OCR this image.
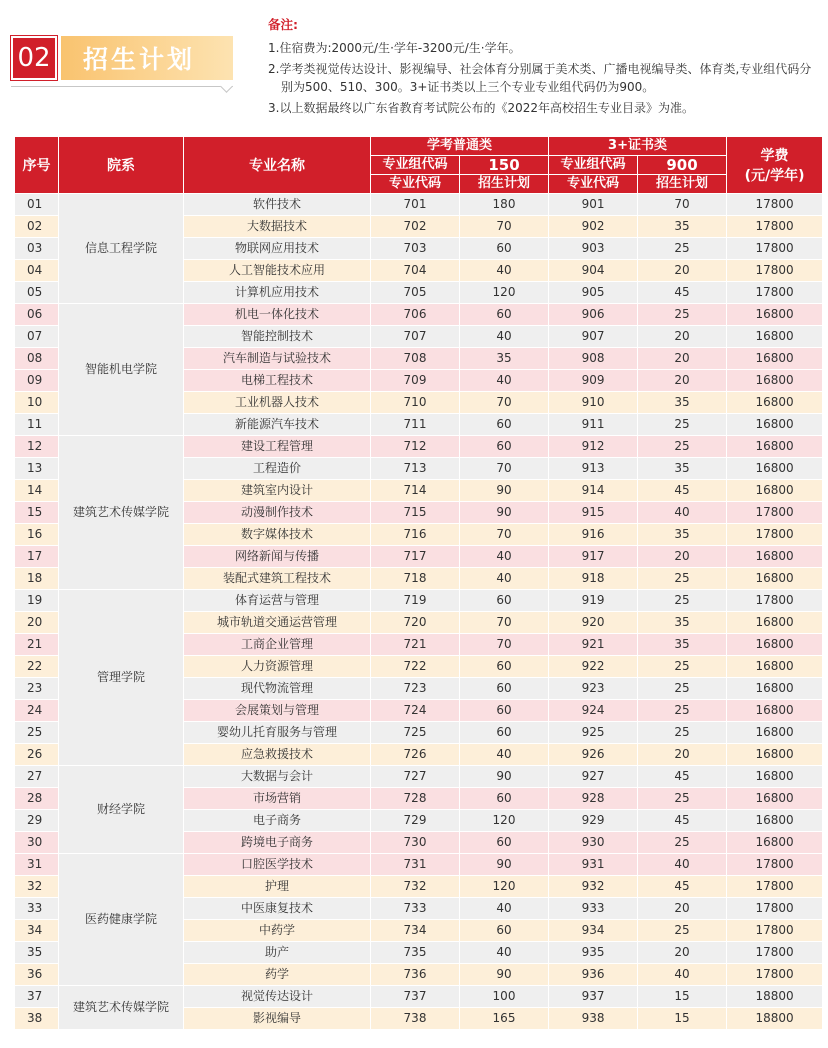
02	招生计划
备注:
1.住宿费为:2000元/生·学年-3200元/生·学年。
2.学考类视觉传达设计、影视编导、社会体育分别属于美术类、广播电视编导类、体育类,专业组代码分别为500、510、300。3+证书类以上三个专业专业组代码仍为900。
3.以上数据最终以广东省教育考试院公布的《2022年高校招生专业目录》为准。
序号	院系	专业名称	学考普通类		3+证书类		学费
(元/学年)

			专业组代码	150	专业组代码	900	
			专业代码	招生计划	专业代码	招生计划	
01	信息工程学院	软件技术	701	180	901	70	17800
02		大数据技术	702	70	902	35	17800
03		物联网应用技术	703	60	903	25	17800
04		人工智能技术应用	704	40	904	20	17800
05		计算机应用技术	705	120	905	45	17800
06	智能机电学院	机电一体化技术	706	60	906	25	16800
07		智能控制技术	707	40	907	20	16800
08		汽车制造与试验技术	708	35	908	20	16800
09		电梯工程技术	709	40	909	20	16800
10		工业机器人技术	710	70	910	35	16800
11		新能源汽车技术	711	60	911	25	16800
12	建筑艺术传媒学院	建设工程管理	712	60	912	25	16800
13		工程造价	713	70	913	35	16800
14		建筑室内设计	714	90	914	45	16800
15		动漫制作技术	715	90	915	40	17800
16		数字媒体技术	716	70	916	35	17800
17		网络新闻与传播	717	40	917	20	16800
18		装配式建筑工程技术	718	40	918	25	16800
19	管理学院	体育运营与管理	719	60	919	25	17800
20		城市轨道交通运营管理	720	70	920	35	16800
21		工商企业管理	721	70	921	35	16800
22		人力资源管理	722	60	922	25	16800
23		现代物流管理	723	60	923	25	16800
24		会展策划与管理	724	60	924	25	16800
25		婴幼儿托育服务与管理	725	60	925	25	16800
26		应急救援技术	726	40	926	20	16800
27	财经学院	大数据与会计	727	90	927	45	16800
28		市场营销	728	60	928	25	16800
29		电子商务	729	120	929	45	16800
30		跨境电子商务	730	60	930	25	16800
31	医药健康学院	口腔医学技术	731	90	931	40	17800
32		护理	732	120	932	45	17800
33		中医康复技术	733	40	933	20	17800
34		中药学	734	60	934	25	17800
35		助产	735	40	935	20	17800
36		药学	736	90	936	40	17800
37	建筑艺术传媒学院	视觉传达设计	737	100	937	15	18800
38		影视编导	738	165	938	15	18800
